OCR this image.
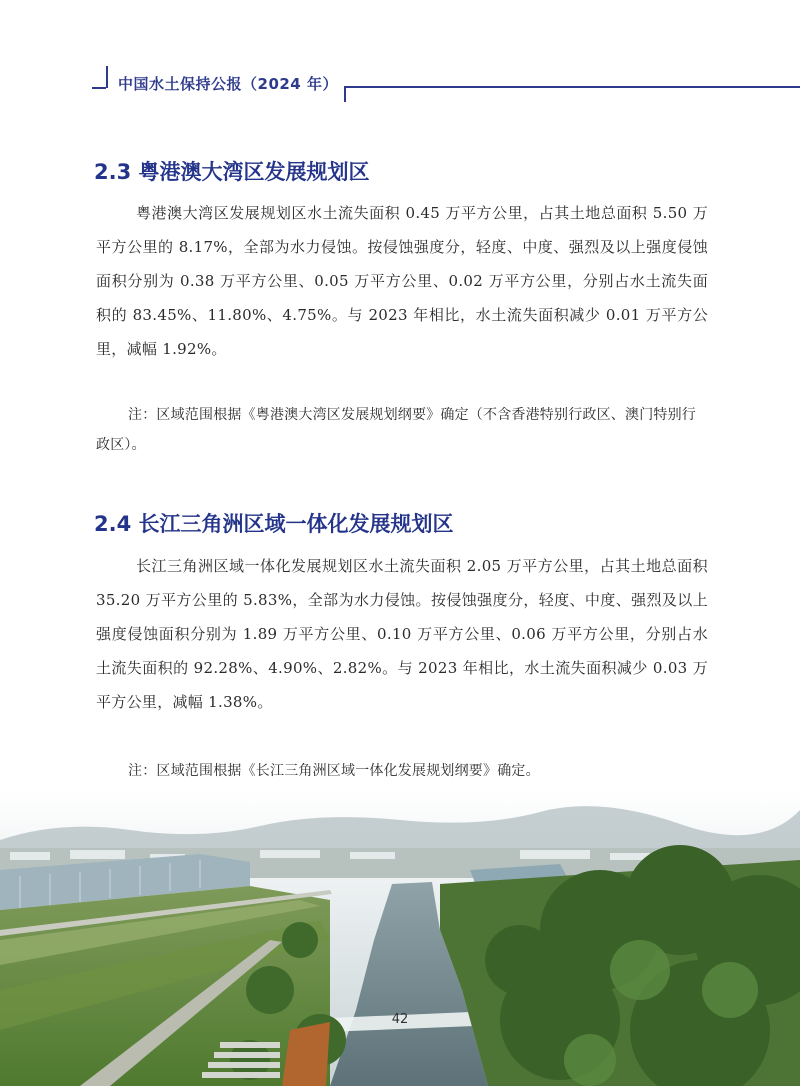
中国水土保持公报（2024 年）
2.3 粤港澳大湾区发展规划区
粤港澳大湾区发展规划区水土流失面积 0.45 万平方公里，占其土地总面积 5.50 万平方公里的 8.17%，全部为水力侵蚀。按侵蚀强度分，轻度、中度、强烈及以上强度侵蚀面积分别为 0.38 万平方公里、0.05 万平方公里、0.02 万平方公里，分别占水土流失面积的 83.45%、11.80%、4.75%。与 2023 年相比，水土流失面积减少 0.01 万平方公里，减幅 1.92%。
注：区域范围根据《粤港澳大湾区发展规划纲要》确定（不含香港特别行政区、澳门特别行政区）。
2.4 长江三角洲区域一体化发展规划区
长江三角洲区域一体化发展规划区水土流失面积 2.05 万平方公里，占其土地总面积 35.20 万平方公里的 5.83%，全部为水力侵蚀。按侵蚀强度分，轻度、中度、强烈及以上强度侵蚀面积分别为 1.89 万平方公里、0.10 万平方公里、0.06 万平方公里，分别占水土流失面积的 92.28%、4.90%、2.82%。与 2023 年相比，水土流失面积减少 0.03 万平方公里，减幅 1.38%。
注：区域范围根据《长江三角洲区域一体化发展规划纲要》确定。
42
